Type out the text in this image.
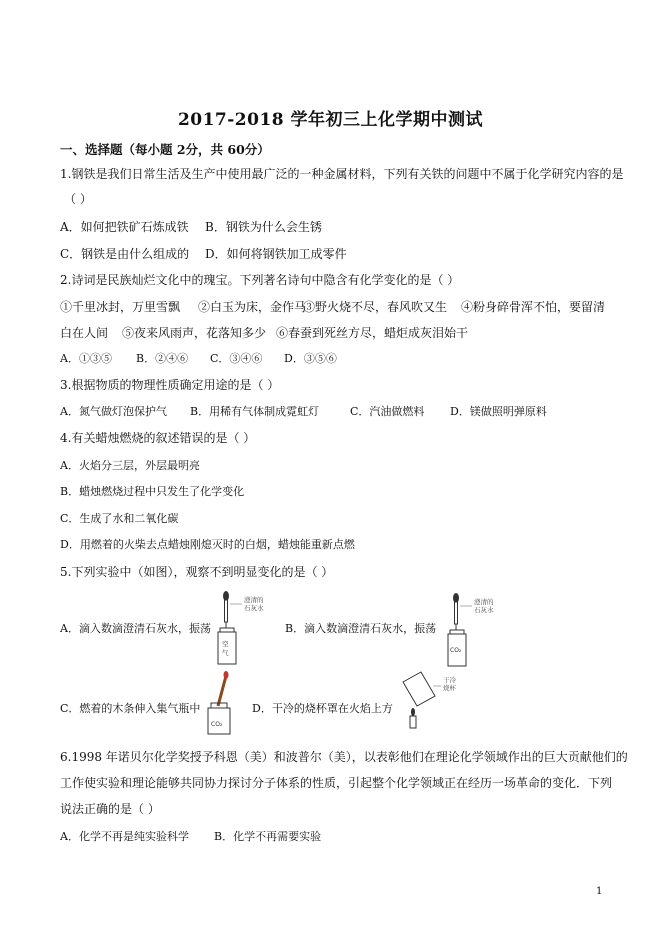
2017-2018 学年初三上化学期中测试
一、选择题（每小题 2分，共 60分）
1.钢铁是我们日常生活及生产中使用最广泛的一种金属材料，下列有关铁的问题中不属于化学研究内容的是
（ ）
A．如何把铁矿石炼成铁 B．钢铁为什么会生锈
C．钢铁是由什么组成的 D．如何将钢铁加工成零件
2.诗词是民族灿烂文化中的瑰宝。下列著名诗句中隐含有化学变化的是（ ）
①千里冰封，万里雪飘 ②白玉为床，金作马
③野火烧不尽，春风吹又生 ④粉身碎骨浑不怕，要留清
白在人间 ⑤夜来风雨声，花落知多少 ⑥春蚕到死丝方尽，蜡炬成灰泪始干
A．①③⑤ B．②④⑥ C．③④⑥ D．③⑤⑥
3.根据物质的物理性质确定用途的是（ ）
A．氮气做灯泡保护气 B．用稀有气体制成霓虹灯	C．汽油做燃料 D．镁做照明弹原料
4.有关蜡烛燃烧的叙述错误的是（ ）
A．火焰分三层，外层最明亮
B．蜡烛燃烧过程中只发生了化学变化
C．生成了水和二氧化碳
D．用燃着的火柴去点蜡烛刚熄灭时的白烟，蜡烛能重新点燃
5.下列实验中（如图），观察不到明显变化的是（ ）
A．滴入数滴澄清石灰水，振荡
澄清的
石灰水
空
气
B．滴入数滴澄清石灰水，振荡
澄清的
石灰水
CO₂
C．燃着的木条伸入集气瓶中
CO₂
D．干冷的烧杯罩在火焰上方
干冷
烧杯
6.1998 年诺贝尔化学奖授予科恩（美）和波普尔（美），以表彰他们在理论化学领域作出的巨大贡献他们的
工作使实验和理论能够共同协力探讨分子体系的性质，引起整个化学领域正在经历一场革命的变化．下列
说法正确的是（ ）
A．化学不再是纯实验科学 B．化学不再需要实验
1
